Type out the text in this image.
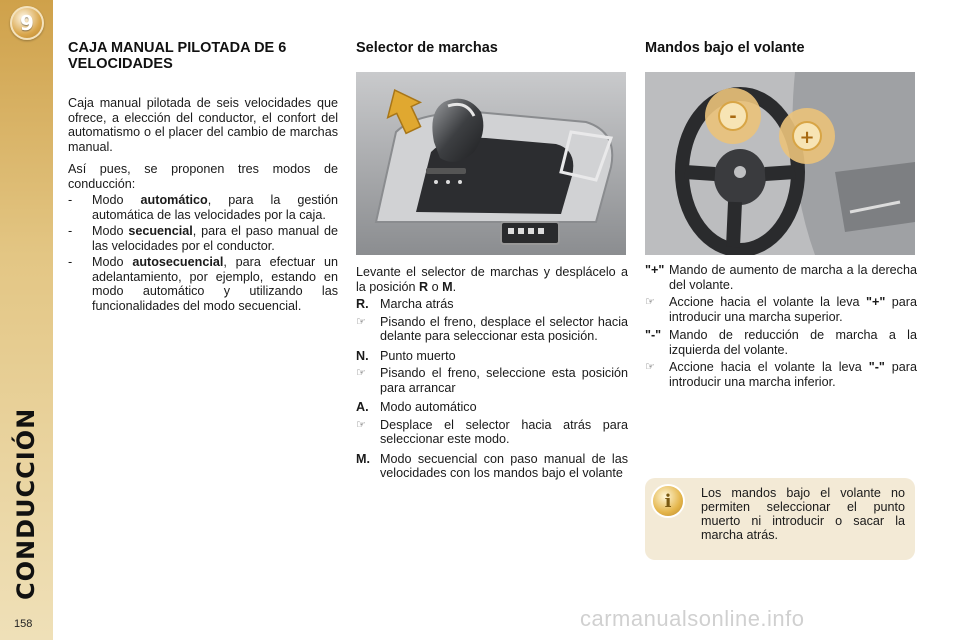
9
CONDUCCIÓN
158
CAJA MANUAL PILOTADA DE 6 VELOCIDADES

Caja manual pilotada de seis velocidades que ofrece, a elección del conductor, el confort del automatismo o el placer del cambio de marchas manual.

Así pues, se proponen tres modos de conducción:

-	Modo automático, para la gestión automática de las velocidades por la caja.
-	Modo secuencial, para el paso manual de las velocidades por el conductor.
-	Modo autosecuencial, para efectuar un adelantamiento, por ejemplo, estando en modo automático y utilizando las funcionalidades del modo secuencial.
Selector de marchas

Levante el selector de marchas y desplácelo a la posición R o M.

R. Marcha atrás
☞	Pisando el freno, desplace el selector hacia delante para seleccionar esta posición.
N. Punto muerto
☞	Pisando el freno, seleccione esta posición para arrancar
A. Modo automático
☞	Desplace el selector hacia atrás para seleccionar este modo.
M. Modo secuencial con paso manual de las velocidades con los mandos bajo el volante
Mandos bajo el volante
-
+
"+" Mando de aumento de marcha a la derecha del volante.
☞	Accione hacia el volante la leva "+" para introducir una marcha superior.
"-" Mando de reducción de marcha a la izquierda del volante.
☞	Accione hacia el volante la leva "-" para introducir una marcha inferior.
i	Los mandos bajo el volante no permiten seleccionar el punto muerto ni introducir o sacar la marcha atrás.
carmanualsonline.info
